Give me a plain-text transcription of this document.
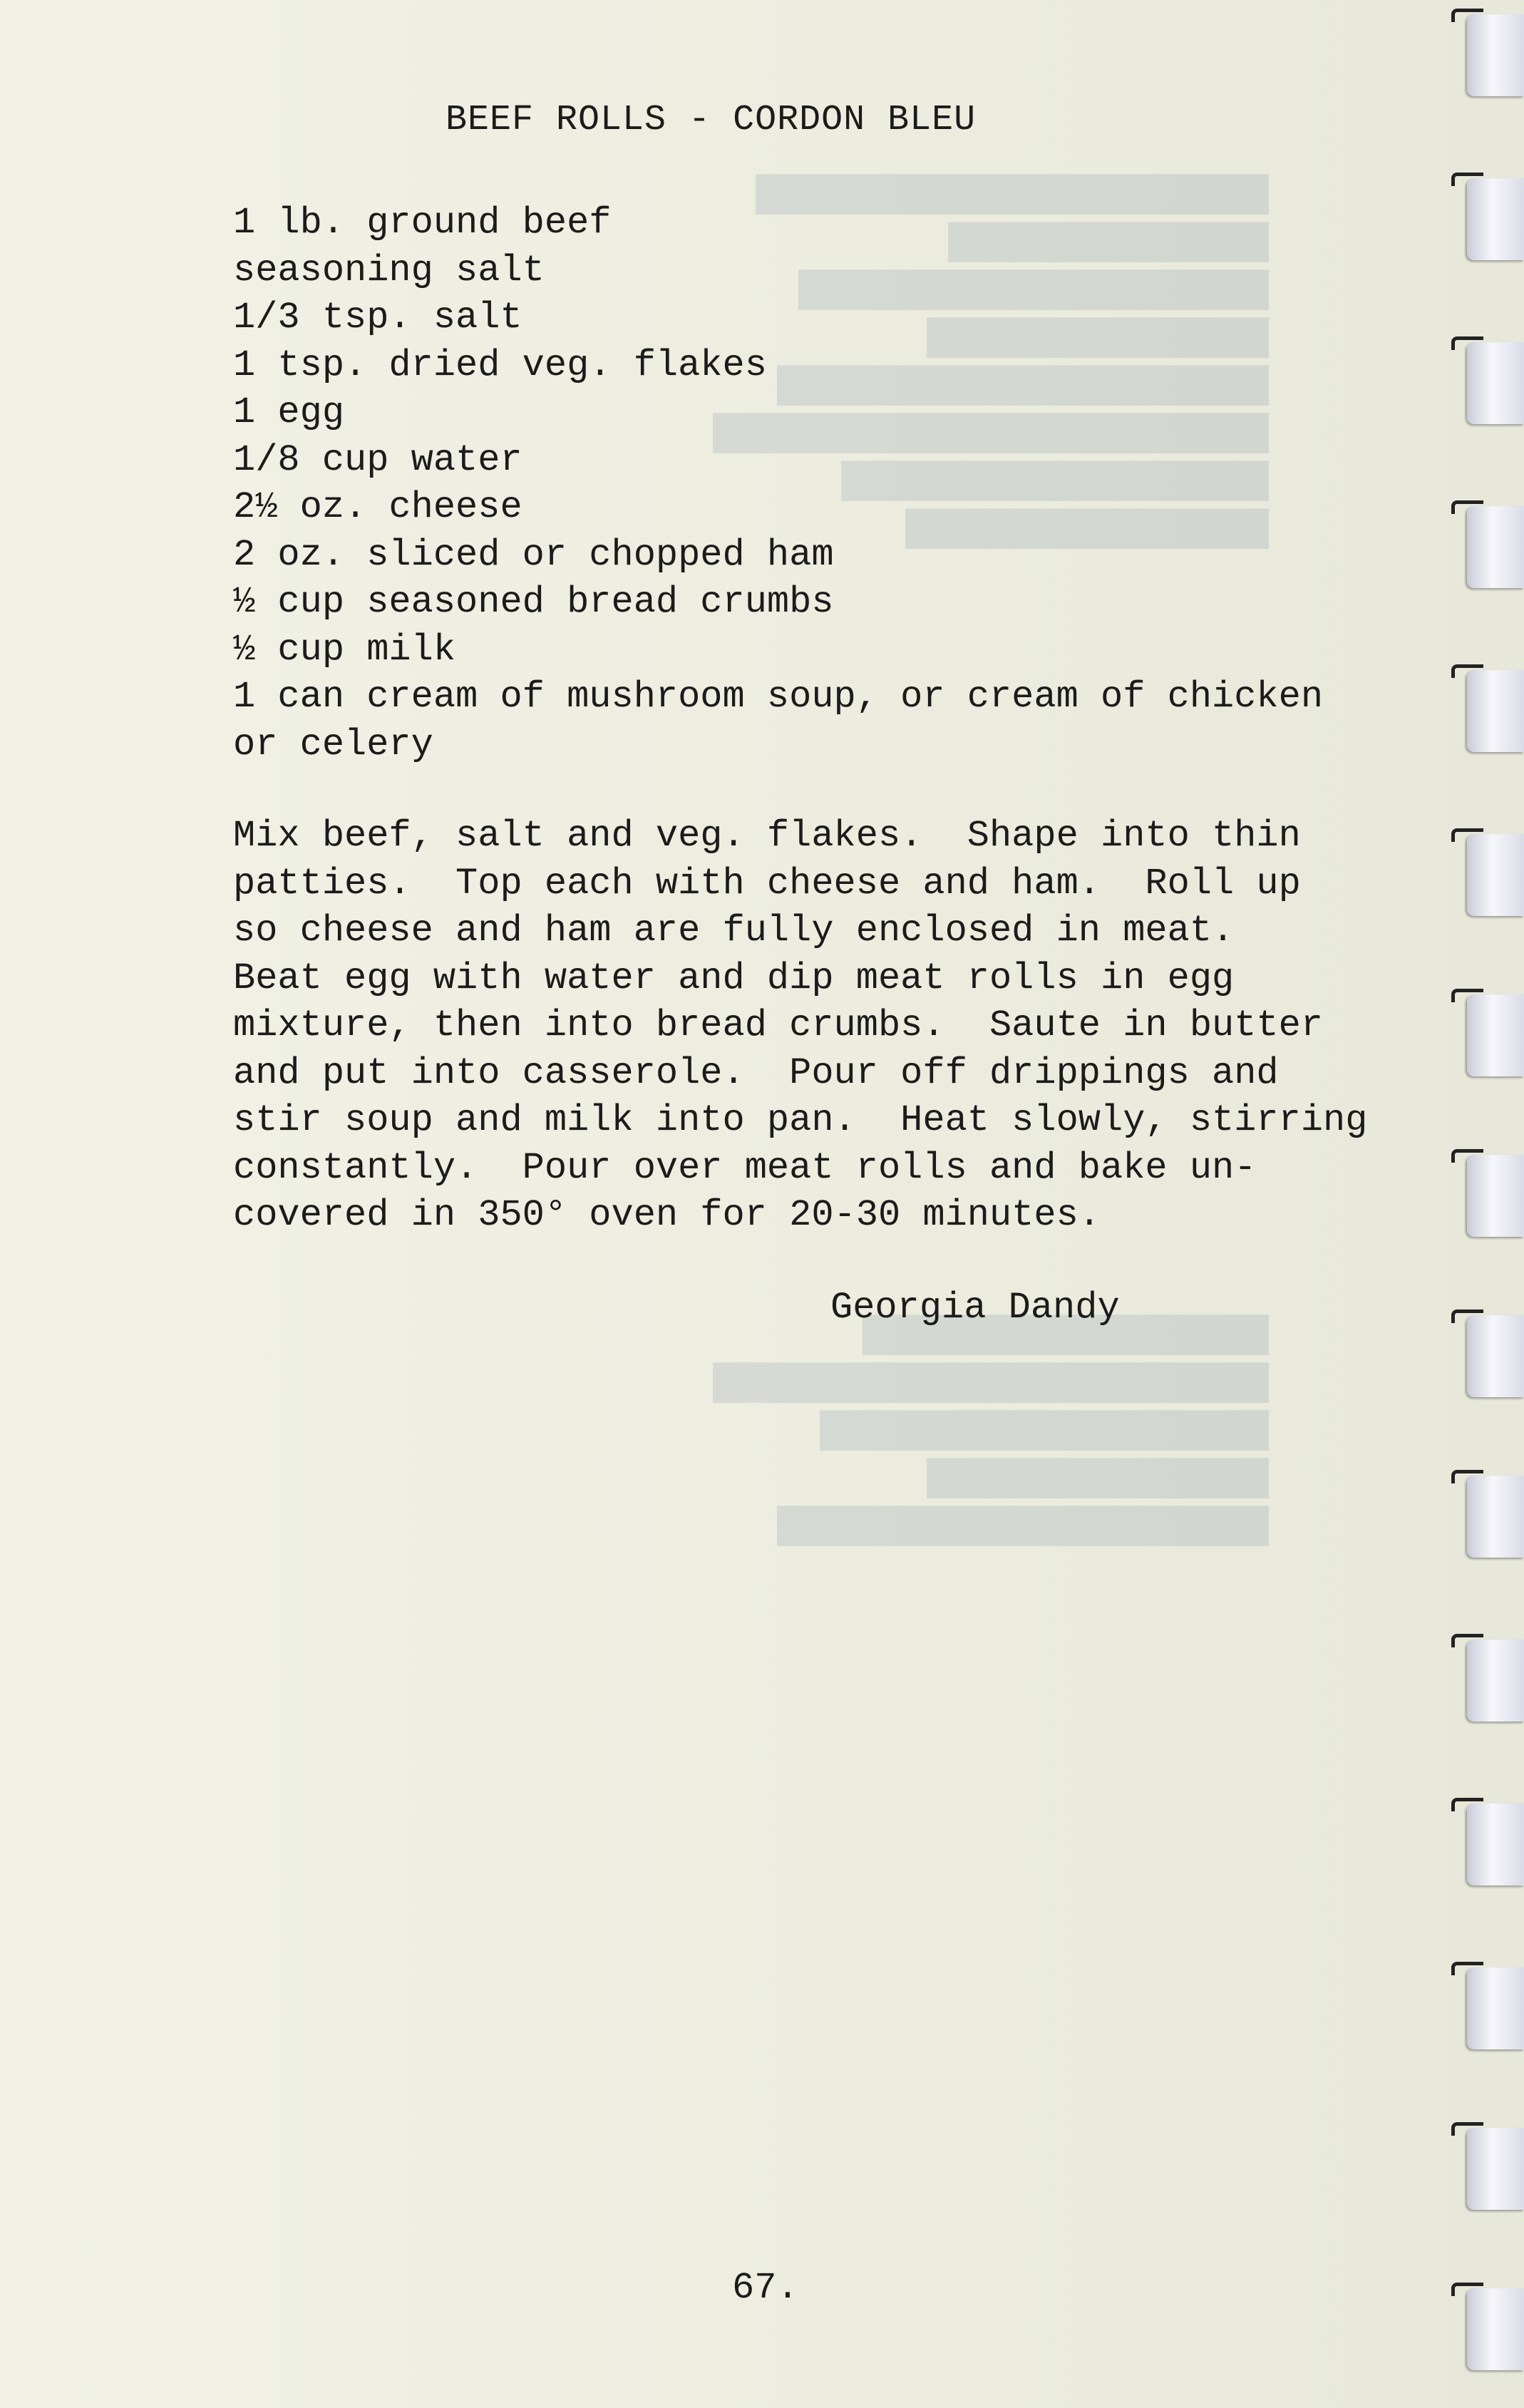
████████████████████████
███████████████
██████████████████████
████████████████
███████████████████████
██████████████████████████
████████████████████
█████████████████
███████████████████
██████████████████████████
█████████████████████
████████████████
███████████████████████
BEEF ROLLS - CORDON BLEU
1 lb. ground beef
seasoning salt
1/3 tsp. salt
1 tsp. dried veg. flakes
1 egg
1/8 cup water
2½ oz. cheese
2 oz. sliced or chopped ham
½ cup seasoned bread crumbs
½ cup milk
1 can cream of mushroom soup, or cream of chicken
or celery
Mix beef, salt and veg. flakes.  Shape into thin
patties.  Top each with cheese and ham.  Roll up
so cheese and ham are fully enclosed in meat.
Beat egg with water and dip meat rolls in egg
mixture, then into bread crumbs.  Saute in butter
and put into casserole.  Pour off drippings and
stir soup and milk into pan.  Heat slowly, stirring
constantly.  Pour over meat rolls and bake un-
covered in 350° oven for 20-30 minutes.
Georgia Dandy
67.
